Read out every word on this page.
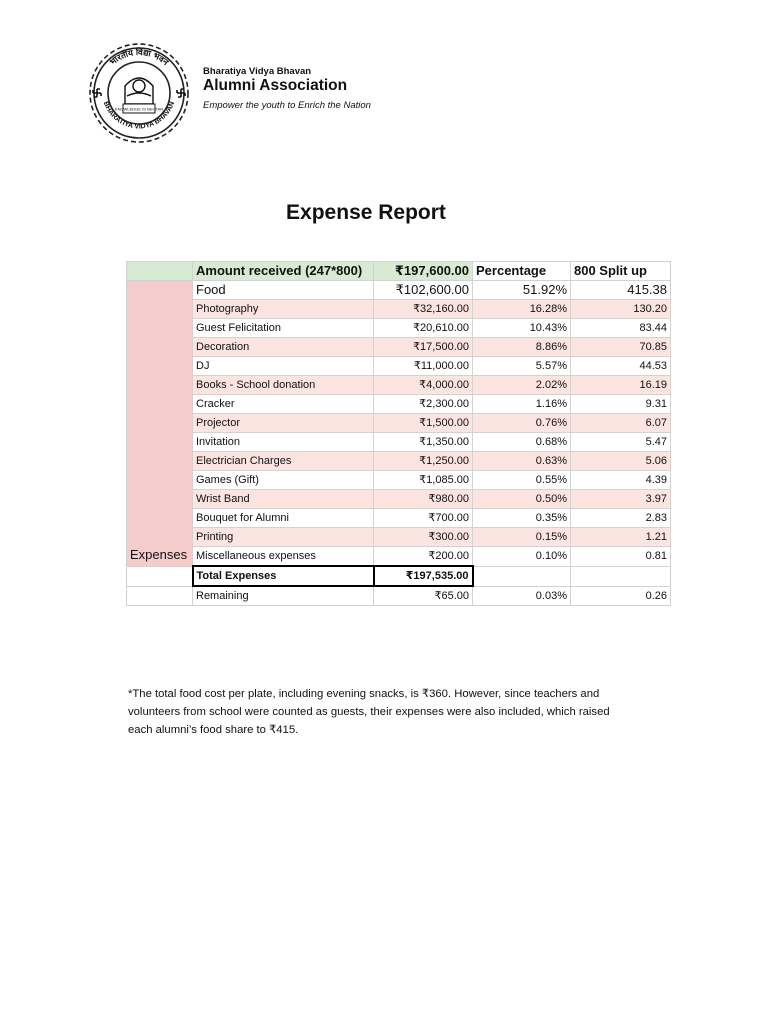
भारतीय विद्या भवन
BHARATIYA VIDYA BHAVAN
KNOWLEDGE IS NECTAR
Bharatiya Vidya Bhavan
Alumni Association
Empower the youth to Enrich the Nation
Expense Report
	Amount received (247*800)	₹197,600.00	Percentage	800 Split up

Expenses	Food	₹102,600.00	51.92%	415.38
	Photography	₹32,160.00	16.28%	130.20
	Guest Felicitation	₹20,610.00	10.43%	83.44
	Decoration	₹17,500.00	8.86%	70.85
	DJ	₹11,000.00	5.57%	44.53
	Books - School donation	₹4,000.00	2.02%	16.19
	Cracker	₹2,300.00	1.16%	9.31
	Projector	₹1,500.00	0.76%	6.07
	Invitation	₹1,350.00	0.68%	5.47
	Electrician Charges	₹1,250.00	0.63%	5.06
	Games (Gift)	₹1,085.00	0.55%	4.39
	Wrist Band	₹980.00	0.50%	3.97
	Bouquet for Alumni	₹700.00	0.35%	2.83
	Printing	₹300.00	0.15%	1.21
	Miscellaneous expenses	₹200.00	0.10%	0.81
	Total Expenses	₹197,535.00		
	Remaining	₹65.00	0.03%	0.26
*The total food cost per plate, including evening snacks, is ₹360. However, since teachers and volunteers from school were counted as guests, their expenses were also included, which raised each alumni’s food share to ₹415.
